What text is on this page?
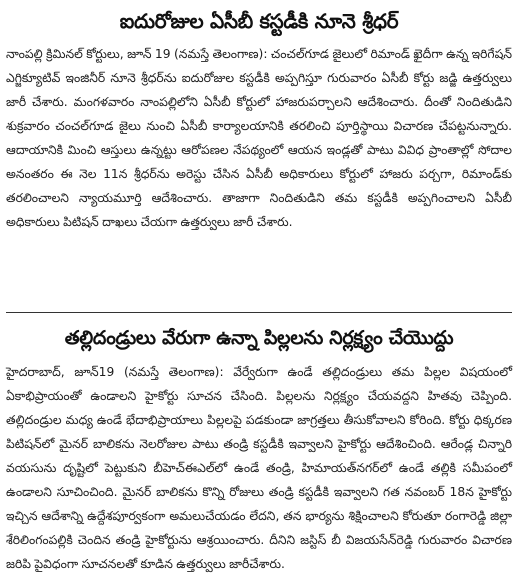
ఐదురోజుల ఏసీబీ కస్టడీకి నూనె శ్రీధర్

నాంపల్లి క్రిమినల్ కోర్టులు, జూన్ 19 (నమస్తే తెలంగాణ): చంచల్‌గూడ జైలులో రిమాండ్ ఖైదీగా ఉన్న ఇరిగేషన్ ఎగ్జిక్యూటివ్ ఇంజినీర్ నూనె శ్రీధర్‌ను ఐదురోజుల కస్టడీకి అప్పగిస్తూ గురువారం ఏసీబీ కోర్టు జడ్జి ఉత్తర్వులు జారీ చేశారు. మంగళవారం నాంపల్లిలోని ఏసీబీ కోర్టులో హాజరుపర్చాలని ఆదేశించారు. దీంతో నిందితుడిని శుక్రవారం చంచల్‌గూడ జైలు నుంచి ఏసీబీ కార్యాలయానికి తరలించి పూర్తిస్థాయి విచారణ చేపట్టనున్నారు. ఆదాయానికి మించి ఆస్తులు ఉన్నట్టు ఆరోపణల నేపథ్యంలో ఆయన ఇండ్లతో పాటు వివిధ ప్రాంతాల్లో సోదాల అనంతరం ఈ నెల 11న శ్రీధర్‌ను అరెస్టు చేసిన ఏసీబీ అధికారులు కోర్టులో హాజరు పర్చగా, రిమాండ్‌కు తరలించాలని న్యాయమూర్తి ఆదేశించారు. తాజాగా నిందితుడిని తమ కస్టడీకి అప్పగించాలని ఏసీబీ అధికారులు పిటిషన్ దాఖలు చేయగా ఉత్తర్వులు జారీ చేశారు.

తల్లిదండ్రులు వేరుగా ఉన్నా పిల్లలను నిర్లక్ష్యం చేయొద్దు

హైదరాబాద్, జూన్19 (నమస్తే తెలంగాణ): వేర్వేరుగా ఉండే తల్లిదండ్రులు తమ పిల్లల విషయంలో ఏకాభిప్రాయంతో ఉండాలని హైకోర్టు సూచన చేసింది. పిల్లలను నిర్లక్ష్యం చేయవద్దని హితవు చెప్పింది. తల్లిదండ్రుల మధ్య ఉండే భేదాభిప్రాయాలు పిల్లలపై పడకుండా జాగ్రత్తలు తీసుకోవాలని కోరింది. కోర్టు ధిక్కరణ పిటిషన్‌లో మైనర్ బాలికను నెలరోజుల పాటు తండ్రి కస్టడీకి ఇవ్వాలని హైకోర్టు ఆదేశించింది. ఆరేండ్ల చిన్నారి వయసును దృష్టిలో పెట్టుకుని బీహెచ్‌ఈఎల్‌లో ఉండే తండ్రి, హిమాయత్‌నగర్‌లో ఉండే తల్లికి సమీపంలో ఉండాలని సూచించింది. మైనర్ బాలికను కొన్ని రోజులు తండ్రి కస్టడీకి ఇవ్వాలని గత నవంబర్ 18న హైకోర్టు ఇచ్చిన ఆదేశాన్ని ఉద్దేశపూర్వకంగా అమలుచేయడం లేదని, తన భార్యను శిక్షించాలని కోరుతూ రంగారెడ్డి జిల్లా శేరిలింగంపల్లికి చెందిన తండ్రి హైకోర్టును ఆశ్రయించారు. దీనిని జస్టిస్ బీ విజయసేన్‌రెడ్డి గురువారం విచారణ జరిపి పైవిధంగా సూచనలతో కూడిన ఉత్తర్వులు జారీచేశారు.
